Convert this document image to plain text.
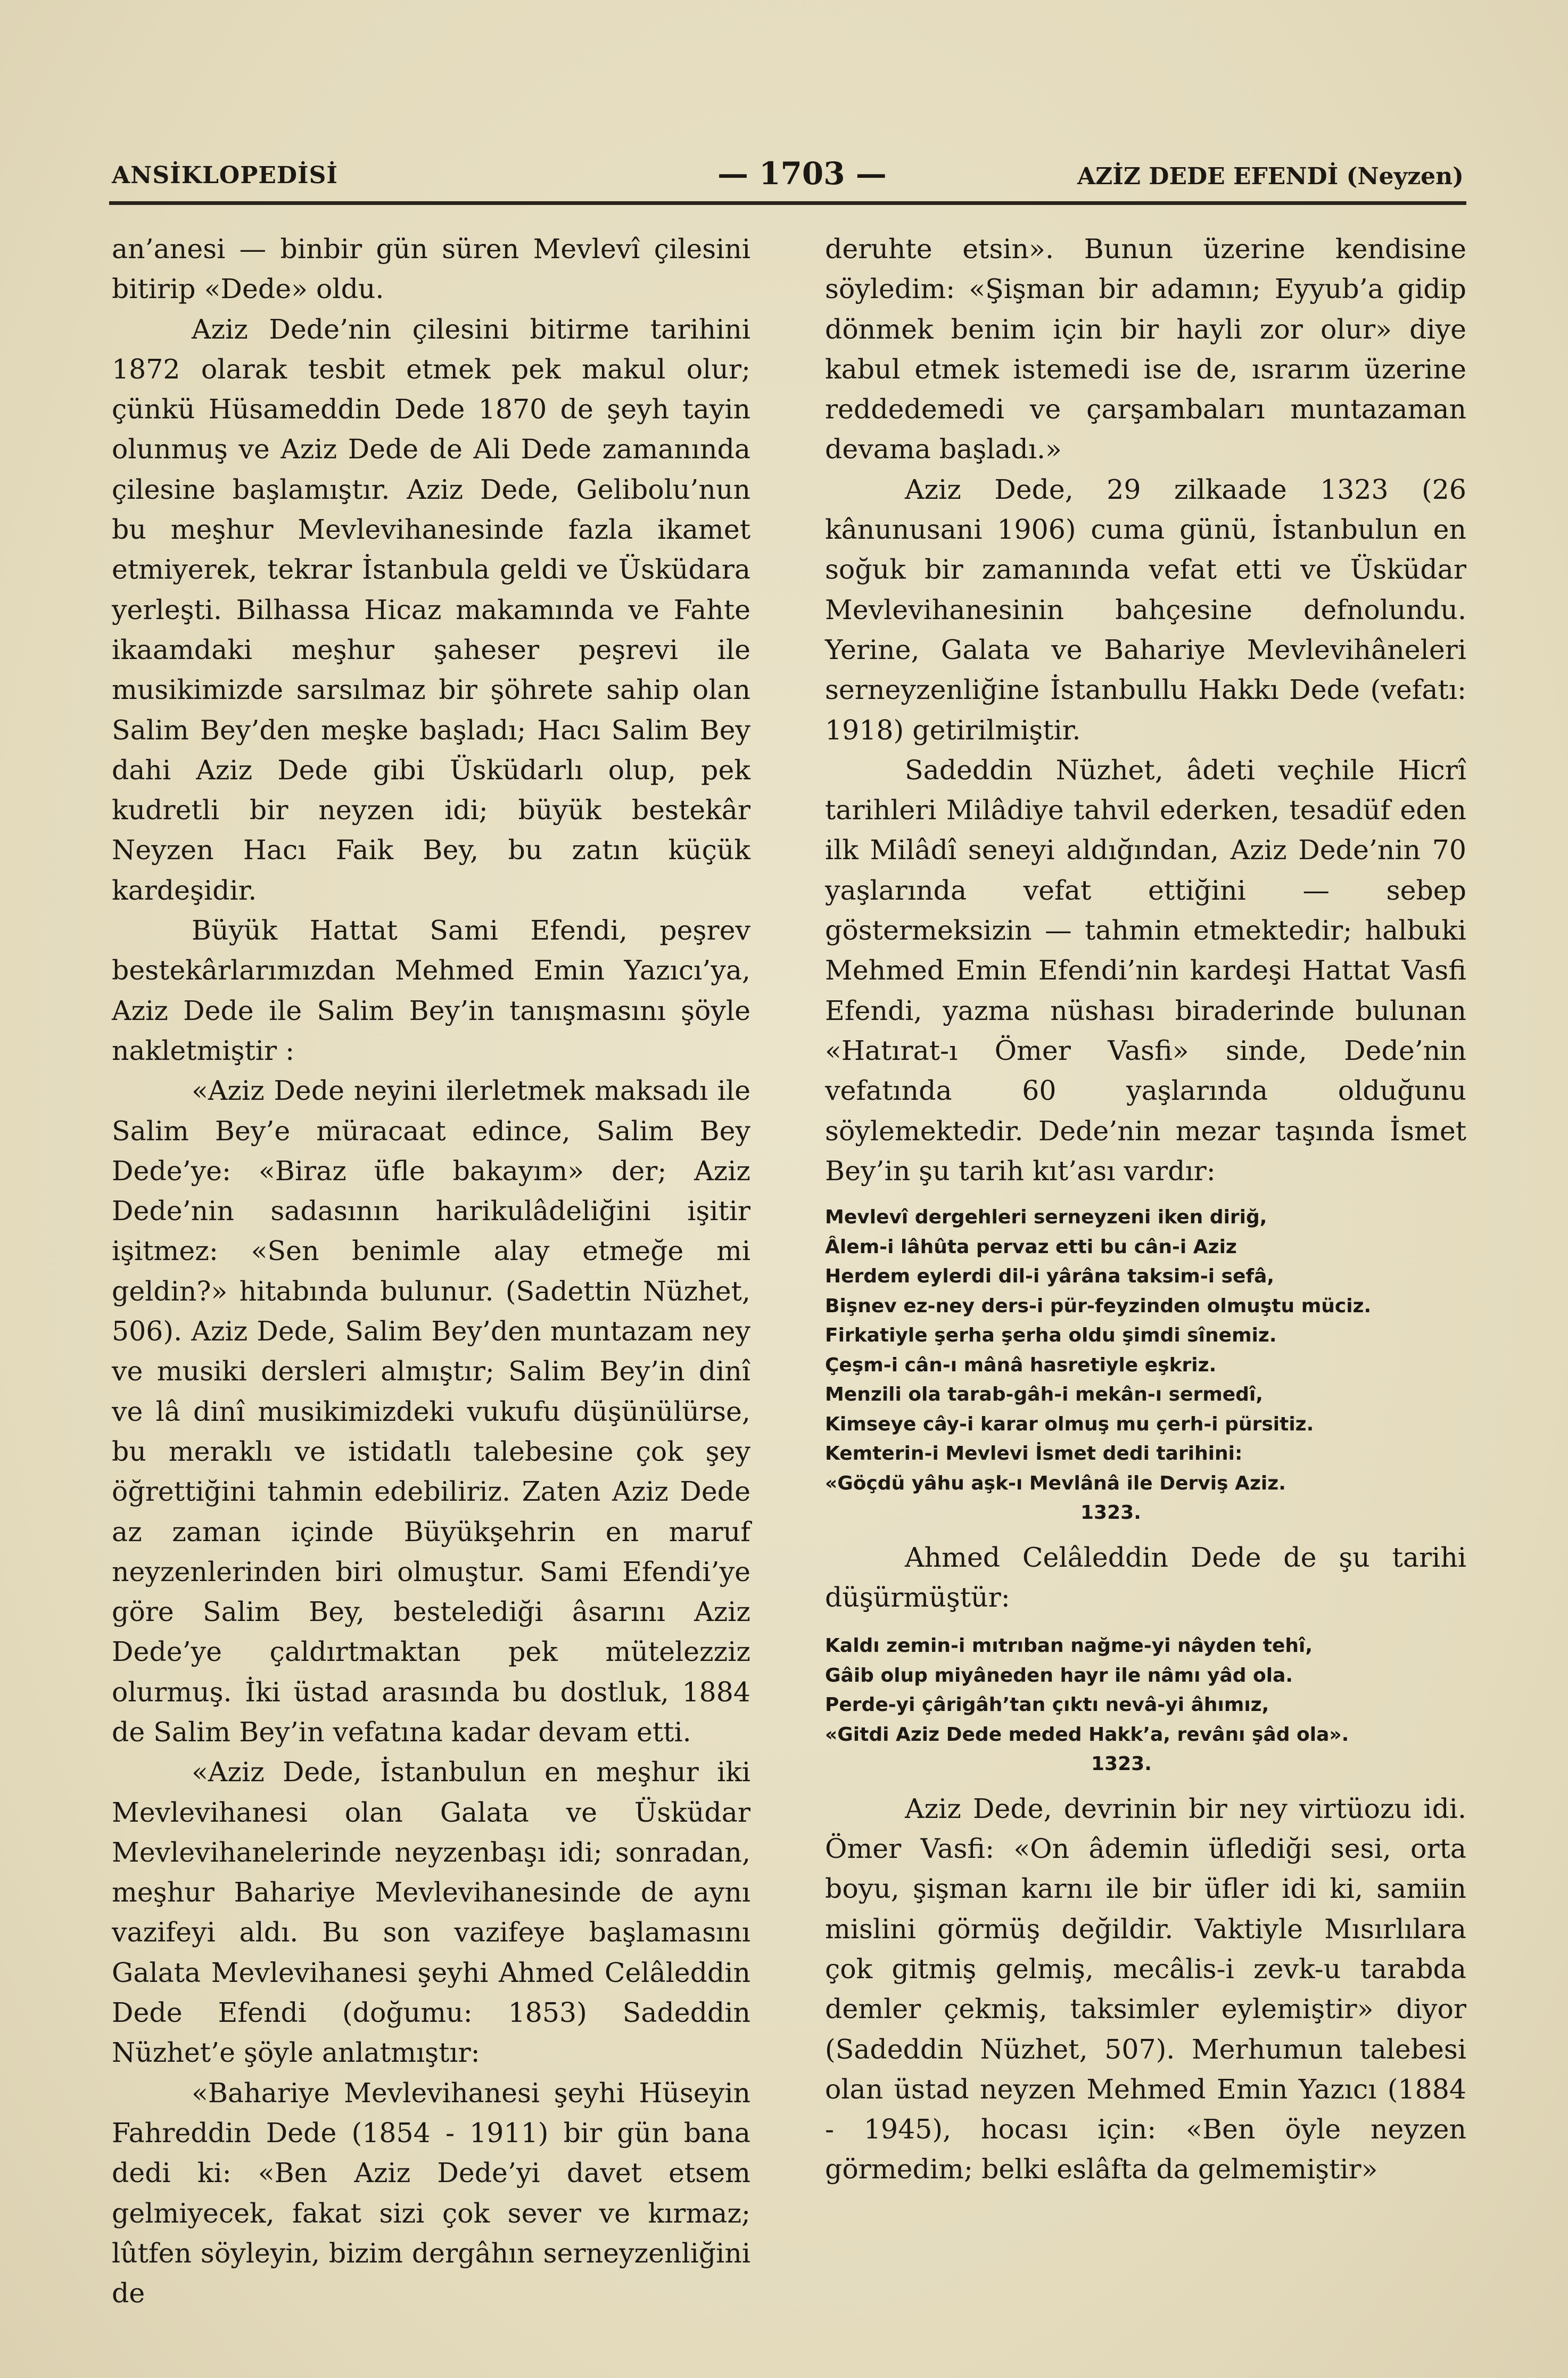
ANSİKLOPEDİSİ	— 1703 —	AZİZ DEDE EFENDİ (Neyzen)

an’anesi — binbir gün süren Mevlevî çilesini bitirip «Dede» oldu.

Aziz Dede’nin çilesini bitirme tarihini 1872 olarak tesbit etmek pek makul olur; çünkü Hüsameddin Dede 1870 de şeyh tayin olunmuş ve Aziz Dede de Ali Dede zamanında çilesine başlamıştır. Aziz Dede, Gelibolu’nun bu meşhur Mevlevihanesinde fazla ikamet etmiyerek, tekrar İstanbula geldi ve Üsküdara yerleşti. Bilhassa Hicaz makamında ve Fahte ikaamdaki meşhur şaheser peşrevi ile musikimizde sarsılmaz bir şöhrete sahip olan Salim Bey’den meşke başladı; Hacı Salim Bey dahi Aziz Dede gibi Üsküdarlı olup, pek kudretli bir neyzen idi; büyük bestekâr Neyzen Hacı Faik Bey, bu zatın küçük kardeşidir.

Büyük Hattat Sami Efendi, peşrev bestekârlarımızdan Mehmed Emin Yazıcı’ya, Aziz Dede ile Salim Bey’in tanışmasını şöyle nakletmiştir :

«Aziz Dede neyini ilerletmek maksadı ile Salim Bey’e müracaat edince, Salim Bey Dede’ye: «Biraz üfle bakayım» der; Aziz Dede’nin sadasının harikulâdeliğini işitir işitmez: «Sen benimle alay etmeğe mi geldin?» hitabında bulunur. (Sadettin Nüzhet, 506). Aziz Dede, Salim Bey’den muntazam ney ve musiki dersleri almıştır; Salim Bey’in dinî ve lâ dinî musikimizdeki vukufu düşünülürse, bu meraklı ve istidatlı talebesine çok şey öğrettiğini tahmin edebiliriz. Zaten Aziz Dede az zaman içinde Büyükşehrin en maruf neyzenlerinden biri olmuştur. Sami Efendi’ye göre Salim Bey, bestelediği âsarını Aziz Dede’ye çaldırtmaktan pek mütelezziz olurmuş. İki üstad arasında bu dostluk, 1884 de Salim Bey’in vefatına kadar devam etti.

«Aziz Dede, İstanbulun en meşhur iki Mevlevihanesi olan Galata ve Üsküdar Mevlevihanelerinde neyzenbaşı idi; sonradan, meşhur Bahariye Mevlevihanesinde de aynı vazifeyi aldı. Bu son vazifeye başlamasını Galata Mevlevihanesi şeyhi Ahmed Celâleddin Dede Efendi (doğumu: 1853) Sadeddin Nüzhet’e şöyle anlatmıştır:

«Bahariye Mevlevihanesi şeyhi Hüseyin Fahreddin Dede (1854 - 1911) bir gün bana dedi ki: «Ben Aziz Dede’yi davet etsem gelmiyecek, fakat sizi çok sever ve kırmaz; lûtfen söyleyin, bizim dergâhın serneyzenliğini de

deruhte etsin». Bunun üzerine kendisine söyledim: «Şişman bir adamın; Eyyub’a gidip dönmek benim için bir hayli zor olur» diye kabul etmek istemedi ise de, ısrarım üzerine reddedemedi ve çarşambaları muntazaman devama başladı.»

Aziz Dede, 29 zilkaade 1323 (26 kânunusani 1906) cuma günü, İstanbulun en soğuk bir zamanında vefat etti ve Üsküdar Mevlevihanesinin bahçesine defnolundu. Yerine, Galata ve Bahariye Mevlevihâneleri serneyzenliğine İstanbullu Hakkı Dede (vefatı: 1918) getirilmiştir.

Sadeddin Nüzhet, âdeti veçhile Hicrî tarihleri Milâdiye tahvil ederken, tesadüf eden ilk Milâdî seneyi aldığından, Aziz Dede’nin 70 yaşlarında vefat ettiğini — sebep göstermeksizin — tahmin etmektedir; halbuki Mehmed Emin Efendi’nin kardeşi Hattat Vasfi Efendi, yazma nüshası biraderinde bulunan «Hatırat-ı Ömer Vasfi» sinde, Dede’nin vefatında 60 yaşlarında olduğunu söylemektedir. Dede’nin mezar taşında İsmet Bey’in şu tarih kıt’ası vardır:

Mevlevî dergehleri serneyzeni iken diriğ,
Âlem-i lâhûta pervaz etti bu cân-i Aziz
Herdem eylerdi dil-i yârâna taksim-i sefâ,
Bişnev ez-ney ders-i pür-feyzinden olmuştu müciz.
Firkatiyle şerha şerha oldu şimdi sînemiz.
Çeşm-i cân-ı mânâ hasretiyle eşkriz.
Menzili ola tarab-gâh-i mekân-ı sermedî,
Kimseye cây-i karar olmuş mu çerh-i pürsitiz.
Kemterin-i Mevlevi İsmet dedi tarihini:
«Göçdü yâhu aşk-ı Mevlânâ ile Derviş Aziz.
1323.

Ahmed Celâleddin Dede de şu tarihi düşürmüştür:

Kaldı zemin-i mıtrıban nağme-yi nâyden tehî,
Gâib olup miyâneden hayr ile nâmı yâd ola.
Perde-yi çârigâh’tan çıktı nevâ-yi âhımız,
«Gitdi Aziz Dede meded Hakk’a, revânı şâd ola».
1323.

Aziz Dede, devrinin bir ney virtüozu idi. Ömer Vasfi: «On âdemin üflediği sesi, orta boyu, şişman karnı ile bir üfler idi ki, samiin mislini görmüş değildir. Vaktiyle Mısırlılara çok gitmiş gelmiş, mecâlis-i zevk-u tarabda demler çekmiş, taksimler eylemiştir» diyor (Sadeddin Nüzhet, 507). Merhumun talebesi olan üstad neyzen Mehmed Emin Yazıcı (1884 - 1945), hocası için: «Ben öyle neyzen görmedim; belki eslâfta da gelmemiştir»
